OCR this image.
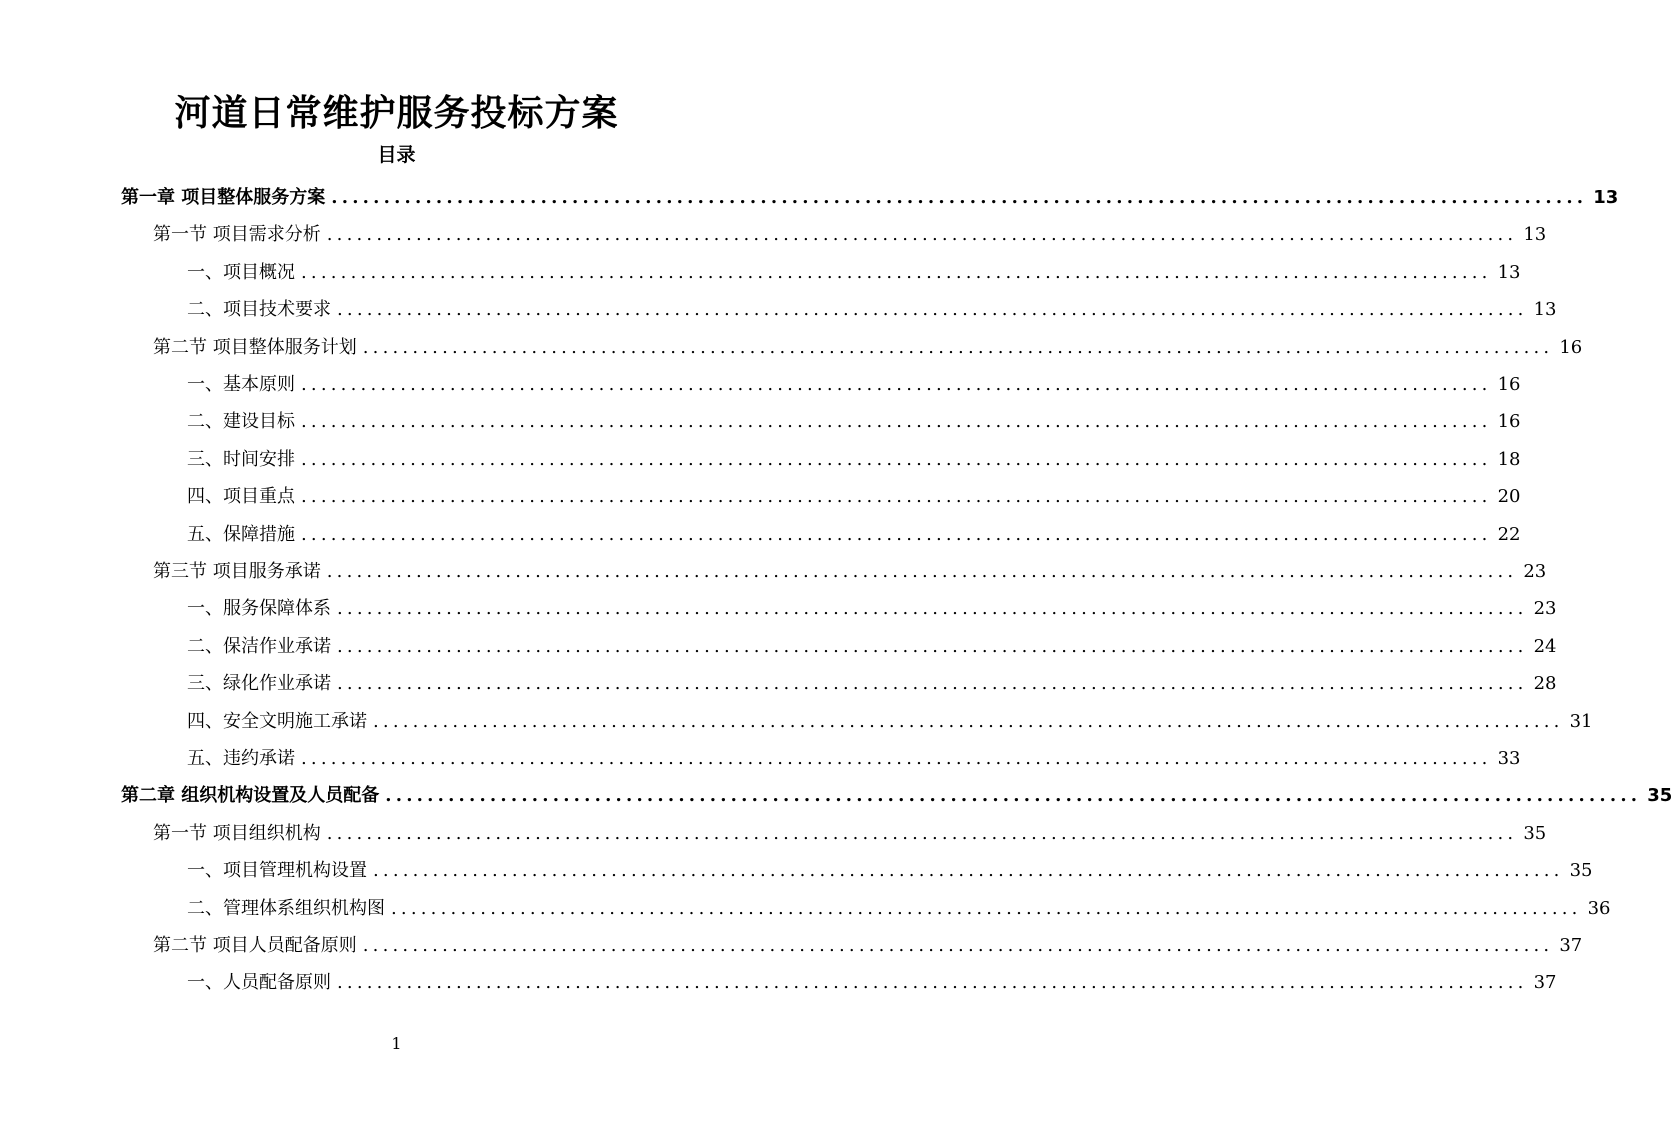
河道日常维护服务投标方案
目录
第一章 项目整体服务方案 ........................................................................................................................ 13
第一节 项目需求分析 ........................................................................................................................ 13
一、项目概况 ........................................................................................................................ 13
二、项目技术要求 ........................................................................................................................ 13
第二节 项目整体服务计划 ........................................................................................................................ 16
一、基本原则 ........................................................................................................................ 16
二、建设目标 ........................................................................................................................ 16
三、时间安排 ........................................................................................................................ 18
四、项目重点 ........................................................................................................................ 20
五、保障措施 ........................................................................................................................ 22
第三节 项目服务承诺 ........................................................................................................................ 23
一、服务保障体系 ........................................................................................................................ 23
二、保洁作业承诺 ........................................................................................................................ 24
三、绿化作业承诺 ........................................................................................................................ 28
四、安全文明施工承诺 ........................................................................................................................ 31
五、违约承诺 ........................................................................................................................ 33
第二章 组织机构设置及人员配备 ........................................................................................................................ 35
第一节 项目组织机构 ........................................................................................................................ 35
一、项目管理机构设置 ........................................................................................................................ 35
二、管理体系组织机构图 ........................................................................................................................ 36
第二节 项目人员配备原则 ........................................................................................................................ 37
一、人员配备原则 ........................................................................................................................ 37
1
